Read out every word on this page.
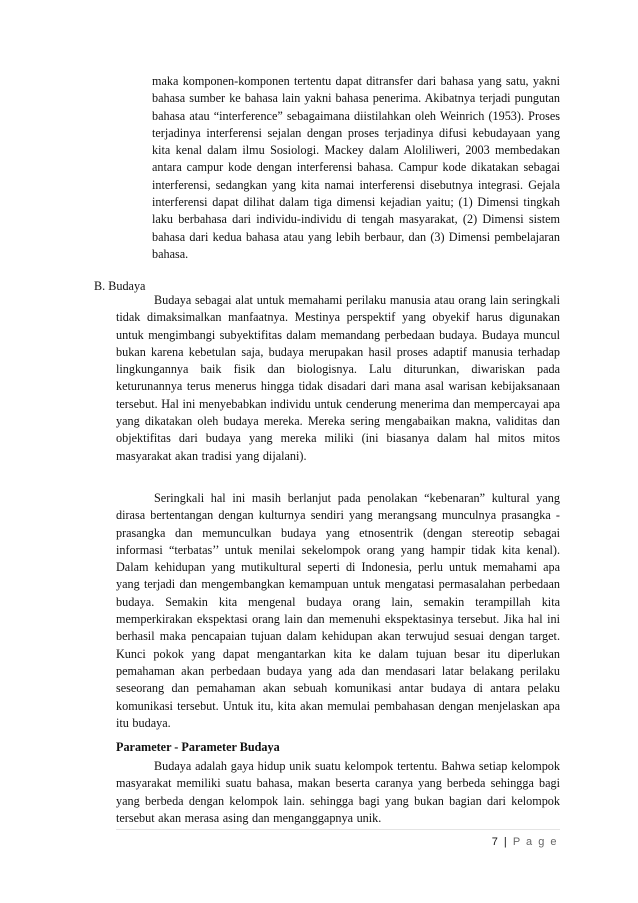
maka komponen-komponen tertentu dapat ditransfer dari bahasa yang satu, yakni bahasa sumber ke bahasa lain yakni bahasa penerima. Akibatnya terjadi pungutan bahasa atau “interference” sebagaimana diistilahkan oleh Weinrich (1953). Proses terjadinya interferensi sejalan dengan proses terjadinya difusi kebudayaan yang kita kenal dalam ilmu Sosiologi. Mackey dalam Aloliliweri, 2003 membedakan antara campur kode dengan interferensi bahasa. Campur kode dikatakan sebagai interferensi, sedangkan yang kita namai interferensi disebutnya integrasi. Gejala interferensi dapat dilihat dalam tiga dimensi kejadian yaitu; (1) Dimensi tingkah laku berbahasa dari individu-individu di tengah masyarakat, (2) Dimensi sistem bahasa dari kedua bahasa atau yang lebih berbaur, dan (3) Dimensi pembelajaran bahasa.

B. Budaya

Budaya sebagai alat untuk memahami perilaku manusia atau orang lain seringkali tidak dimaksimalkan manfaatnya. Mestinya perspektif yang obyekif harus digunakan untuk mengimbangi subyektifitas dalam memandang perbedaan budaya. Budaya muncul bukan karena kebetulan saja, budaya merupakan hasil proses adaptif manusia terhadap lingkungannya baik fisik dan biologisnya. Lalu diturunkan, diwariskan pada keturunannya terus menerus hingga tidak disadari dari mana asal warisan kebijaksanaan tersebut. Hal ini menyebabkan individu untuk cenderung menerima dan mempercayai apa yang dikatakan oleh budaya mereka. Mereka sering mengabaikan makna, validitas dan objektifitas dari budaya yang mereka miliki (ini biasanya dalam hal mitos mitos masyarakat akan tradisi yang dijalani).

Seringkali hal ini masih berlanjut pada penolakan “kebenaran” kultural yang dirasa bertentangan dengan kulturnya sendiri yang merangsang munculnya prasangka - prasangka dan memunculkan budaya yang etnosentrik (dengan stereotip sebagai informasi “terbatas’’ untuk menilai sekelompok orang yang hampir tidak kita kenal). Dalam kehidupan yang mutikultural seperti di Indonesia, perlu untuk memahami apa yang terjadi dan mengembangkan kemampuan untuk mengatasi permasalahan perbedaan budaya. Semakin kita mengenal budaya orang lain, semakin terampillah kita memperkirakan ekspektasi orang lain dan memenuhi ekspektasinya tersebut. Jika hal ini berhasil maka pencapaian tujuan dalam kehidupan akan terwujud sesuai dengan target. Kunci pokok yang dapat mengantarkan kita ke dalam tujuan besar itu diperlukan pemahaman akan perbedaan budaya yang ada dan mendasari latar belakang perilaku seseorang dan pemahaman akan sebuah komunikasi antar budaya di antara pelaku komunikasi tersebut. Untuk itu, kita akan memulai pembahasan dengan menjelaskan apa itu budaya.

Parameter - Parameter Budaya

Budaya adalah gaya hidup unik suatu kelompok tertentu. Bahwa setiap kelompok masyarakat memiliki suatu bahasa, makan beserta caranya yang berbeda sehingga bagi yang berbeda dengan kelompok lain. sehingga bagi yang bukan bagian dari kelompok tersebut akan merasa asing dan menganggapnya unik.

7 | P a g e
